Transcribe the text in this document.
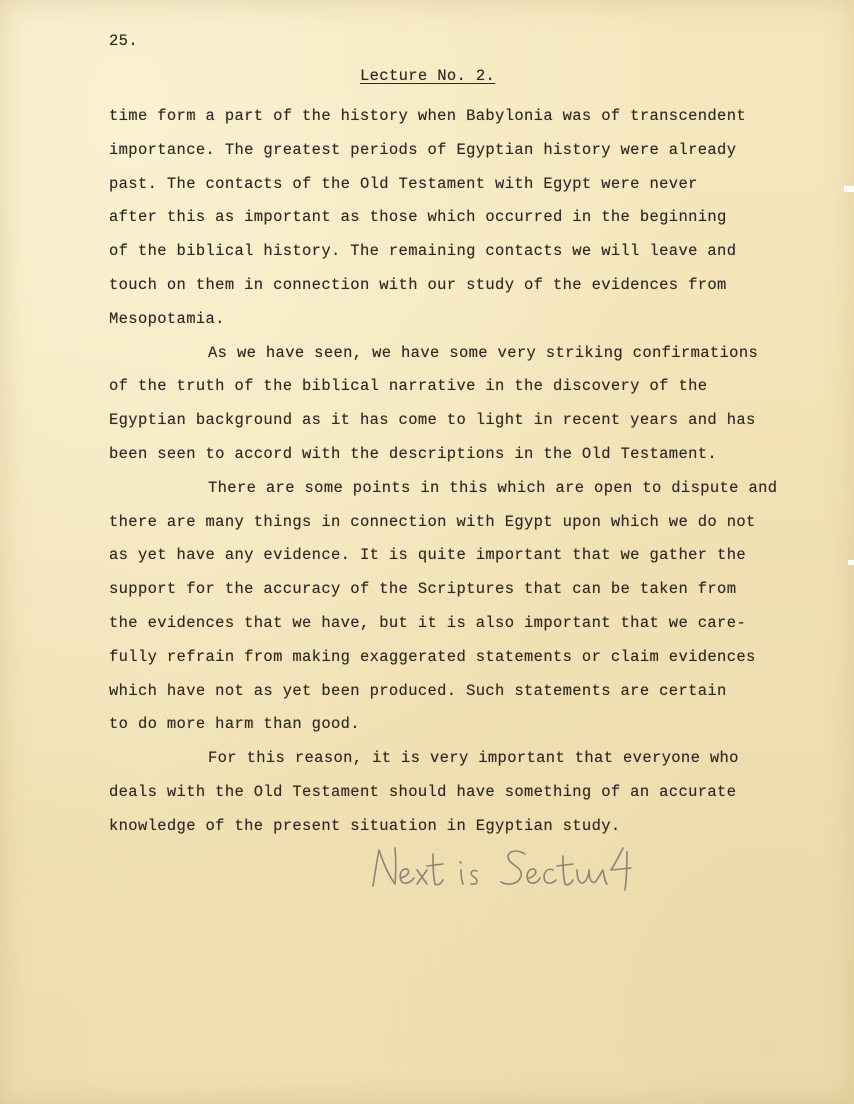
25.
Lecture No. 2.
time form a part of the history when Babylonia was of transcendent
importance. The greatest periods of Egyptian history were already
past. The contacts of the Old Testament with Egypt were never
after this as important as those which occurred in the beginning
of the biblical history. The remaining contacts we will leave and
touch on them in connection with our study of the evidences from
Mesopotamia.
As we have seen, we have some very striking confirmations
of the truth of the biblical narrative in the discovery of the
Egyptian background as it has come to light in recent years and has
been seen to accord with the descriptions in the Old Testament.
There are some points in this which are open to dispute and
there are many things in connection with Egypt upon which we do not
as yet have any evidence. It is quite important that we gather the
support for the accuracy of the Scriptures that can be taken from
the evidences that we have, but it is also important that we care-
fully refrain from making exaggerated statements or claim evidences
which have not as yet been produced. Such statements are certain
to do more harm than good.
For this reason, it is very important that everyone who
deals with the Old Testament should have something of an accurate
knowledge of the present situation in Egyptian study.
